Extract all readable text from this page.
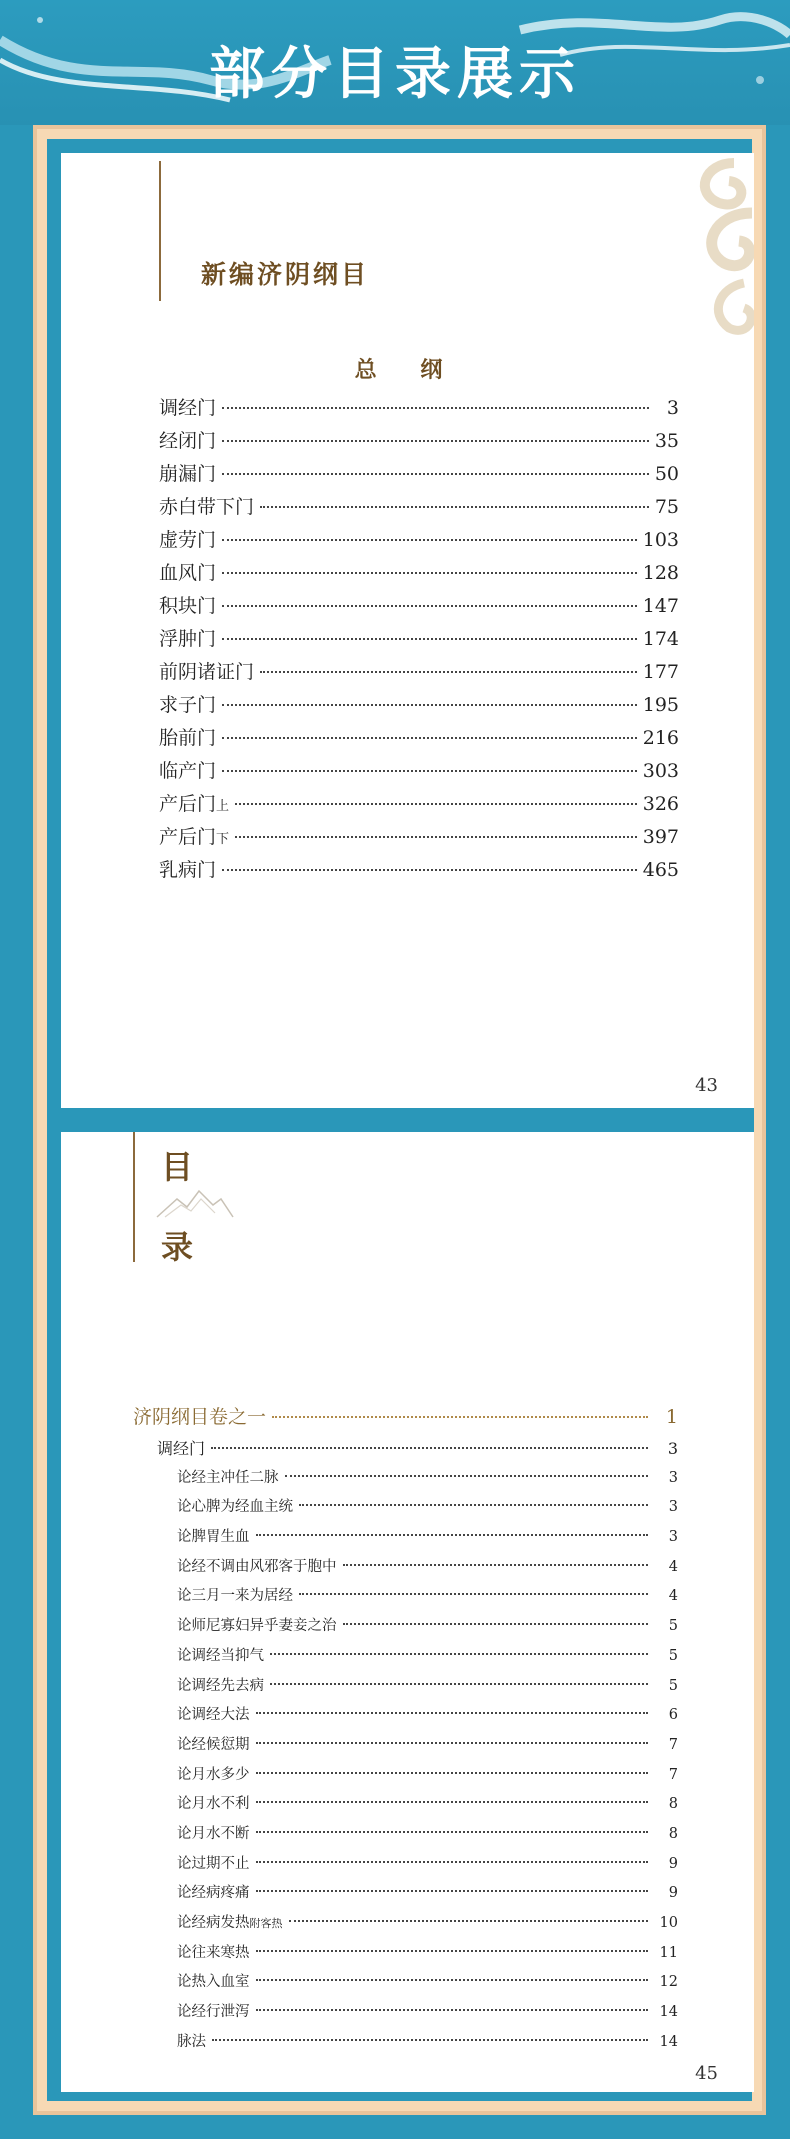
部分目录展示
新编济阴纲目
总 纲
调经门	3
经闭门	35
崩漏门	50
赤白带下门	75
虚劳门	103
血风门	128
积块门	147
浮肿门	174
前阴诸证门	177
求子门	195
胎前门	216
临产门	303
产后门上	326
产后门下	397
乳病门	465
43
目
录
济阴纲目卷之一	1
调经门	3
论经主冲任二脉	3
论心脾为经血主统	3
论脾胃生血	3
论经不调由风邪客于胞中	4
论三月一来为居经	4
论师尼寡妇异乎妻妾之治	5
论调经当抑气	5
论调经先去病	5
论调经大法	6
论经候愆期	7
论月水多少	7
论月水不利	8
论月水不断	8
论过期不止	9
论经病疼痛	9
论经病发热附客热	10
论往来寒热	11
论热入血室	12
论经行泄泻	14
脉法	14
45
